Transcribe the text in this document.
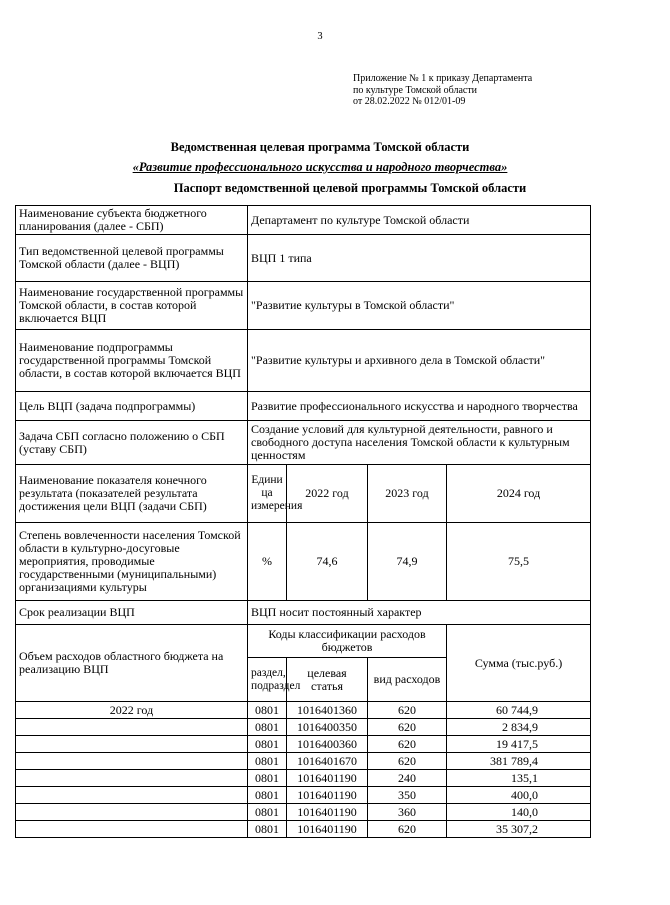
3
Приложение № 1 к приказу Департамента
по культуре Томской области
от 28.02.2022 № 012/01-09
Ведомственная целевая программа Томской области
«Развитие профессионального искусства и народного творчества»
Паспорт ведомственной целевой программы Томской области
Наименование субъекта бюджетного планирования (далее - СБП)	Департамент по культуре Томской области			
Тип ведомственной целевой программы Томской области (далее - ВЦП)	ВЦП 1 типа			
Наименование государственной программы Томской области, в состав которой включается ВЦП	"Развитие культуры в Томской области"			
Наименование подпрограммы государственной программы Томской области, в состав которой включается ВЦП	"Развитие культуры и архивного дела в Томской области"			
Цель ВЦП (задача подпрограммы)	Развитие профессионального искусства и народного творчества			
Задача СБП согласно положению о СБП (уставу СБП)	Создание условий для культурной деятельности, равного и свободного доступа населения Томской области к культурным ценностям			
Наименование показателя конечного результата (показателей результата достижения цели ВЦП (задачи СБП)	Едини ца измерения	2022 год	2023 год	2024 год
Степень вовлеченности населения Томской области в культурно-досуговые мероприятия, проводимые государственными (муниципальными) организациями культуры	%	74,6	74,9	75,5
Срок реализации ВЦП	ВЦП носит постоянный характер			
Объем расходов областного бюджета на реализацию ВЦП	Коды классификации расходов бюджетов			Сумма (тыс.руб.)
	раздел, подраздел	целевая статья	вид расходов	
2022 год	0801	1016401360	620	60 744,9
	0801	1016400350	620	2 834,9
	0801	1016400360	620	19 417,5
	0801	1016401670	620	381 789,4
	0801	1016401190	240	135,1
	0801	1016401190	350	400,0
	0801	1016401190	360	140,0
	0801	1016401190	620	35 307,2
